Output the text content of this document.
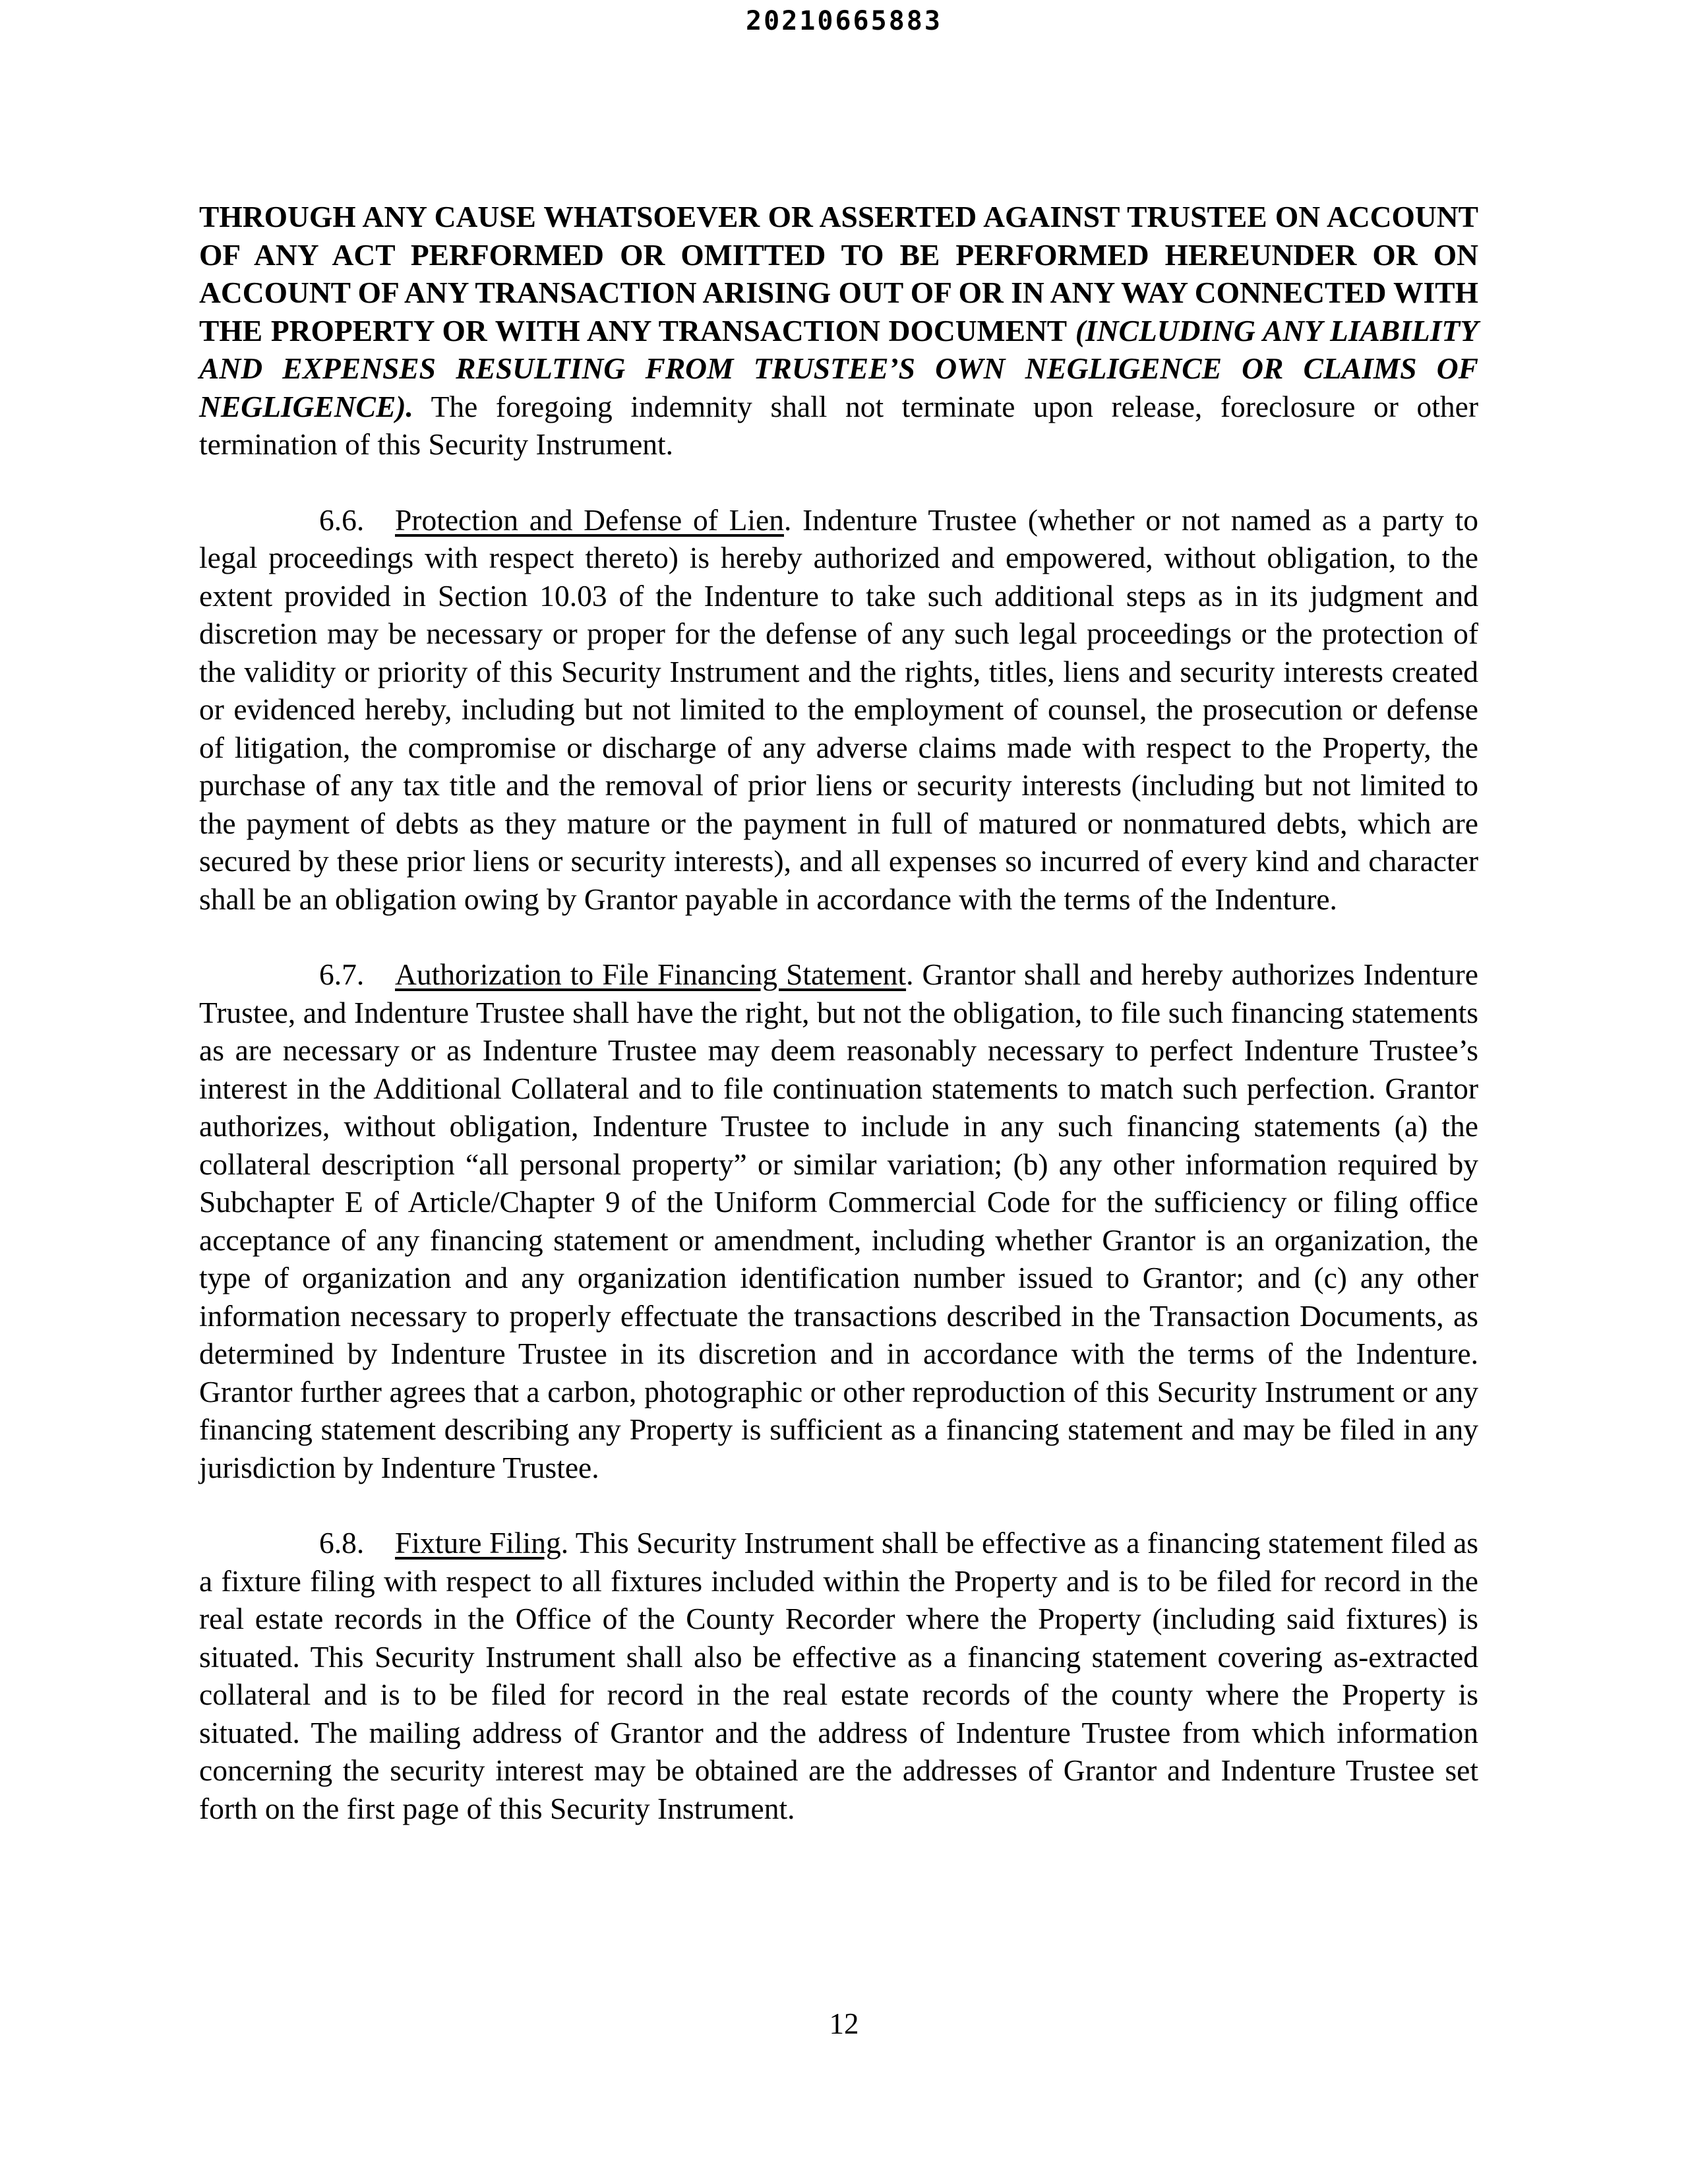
20210665883

THROUGH ANY CAUSE WHATSOEVER OR ASSERTED AGAINST TRUSTEE ON ACCOUNT OF ANY ACT PERFORMED OR OMITTED TO BE PERFORMED HEREUNDER OR ON ACCOUNT OF ANY TRANSACTION ARISING OUT OF OR IN ANY WAY CONNECTED WITH THE PROPERTY OR WITH ANY TRANSACTION DOCUMENT (INCLUDING ANY LIABILITY AND EXPENSES RESULTING FROM TRUSTEE’S OWN NEGLIGENCE OR CLAIMS OF NEGLIGENCE). The foregoing indemnity shall not terminate upon release, foreclosure or other termination of this Security Instrument.

6.6. Protection and Defense of Lien. Indenture Trustee (whether or not named as a party to legal proceedings with respect thereto) is hereby authorized and empowered, without obligation, to the extent provided in Section 10.03 of the Indenture to take such additional steps as in its judgment and discretion may be necessary or proper for the defense of any such legal proceedings or the protection of the validity or priority of this Security Instrument and the rights, titles, liens and security interests created or evidenced hereby, including but not limited to the employment of counsel, the prosecution or defense of litigation, the compromise or discharge of any adverse claims made with respect to the Property, the purchase of any tax title and the removal of prior liens or security interests (including but not limited to the payment of debts as they mature or the payment in full of matured or nonmatured debts, which are secured by these prior liens or security interests), and all expenses so incurred of every kind and character shall be an obligation owing by Grantor payable in accordance with the terms of the Indenture.

6.7. Authorization to File Financing Statement. Grantor shall and hereby authorizes Indenture Trustee, and Indenture Trustee shall have the right, but not the obligation, to file such financing statements as are necessary or as Indenture Trustee may deem reasonably necessary to perfect Indenture Trustee’s interest in the Additional Collateral and to file continuation statements to match such perfection. Grantor authorizes, without obligation, Indenture Trustee to include in any such financing statements (a) the collateral description “all personal property” or similar variation; (b) any other information required by Subchapter E of Article/Chapter 9 of the Uniform Commercial Code for the sufficiency or filing office acceptance of any financing statement or amendment, including whether Grantor is an organization, the type of organization and any organization identification number issued to Grantor; and (c) any other information necessary to properly effectuate the transactions described in the Transaction Documents, as determined by Indenture Trustee in its discretion and in accordance with the terms of the Indenture. Grantor further agrees that a carbon, photographic or other reproduction of this Security Instrument or any financing statement describing any Property is sufficient as a financing statement and may be filed in any jurisdiction by Indenture Trustee.

6.8. Fixture Filing. This Security Instrument shall be effective as a financing statement filed as a fixture filing with respect to all fixtures included within the Property and is to be filed for record in the real estate records in the Office of the County Recorder where the Property (including said fixtures) is situated. This Security Instrument shall also be effective as a financing statement covering as-extracted collateral and is to be filed for record in the real estate records of the county where the Property is situated. The mailing address of Grantor and the address of Indenture Trustee from which information concerning the security interest may be obtained are the addresses of Grantor and Indenture Trustee set forth on the first page of this Security Instrument.

12
